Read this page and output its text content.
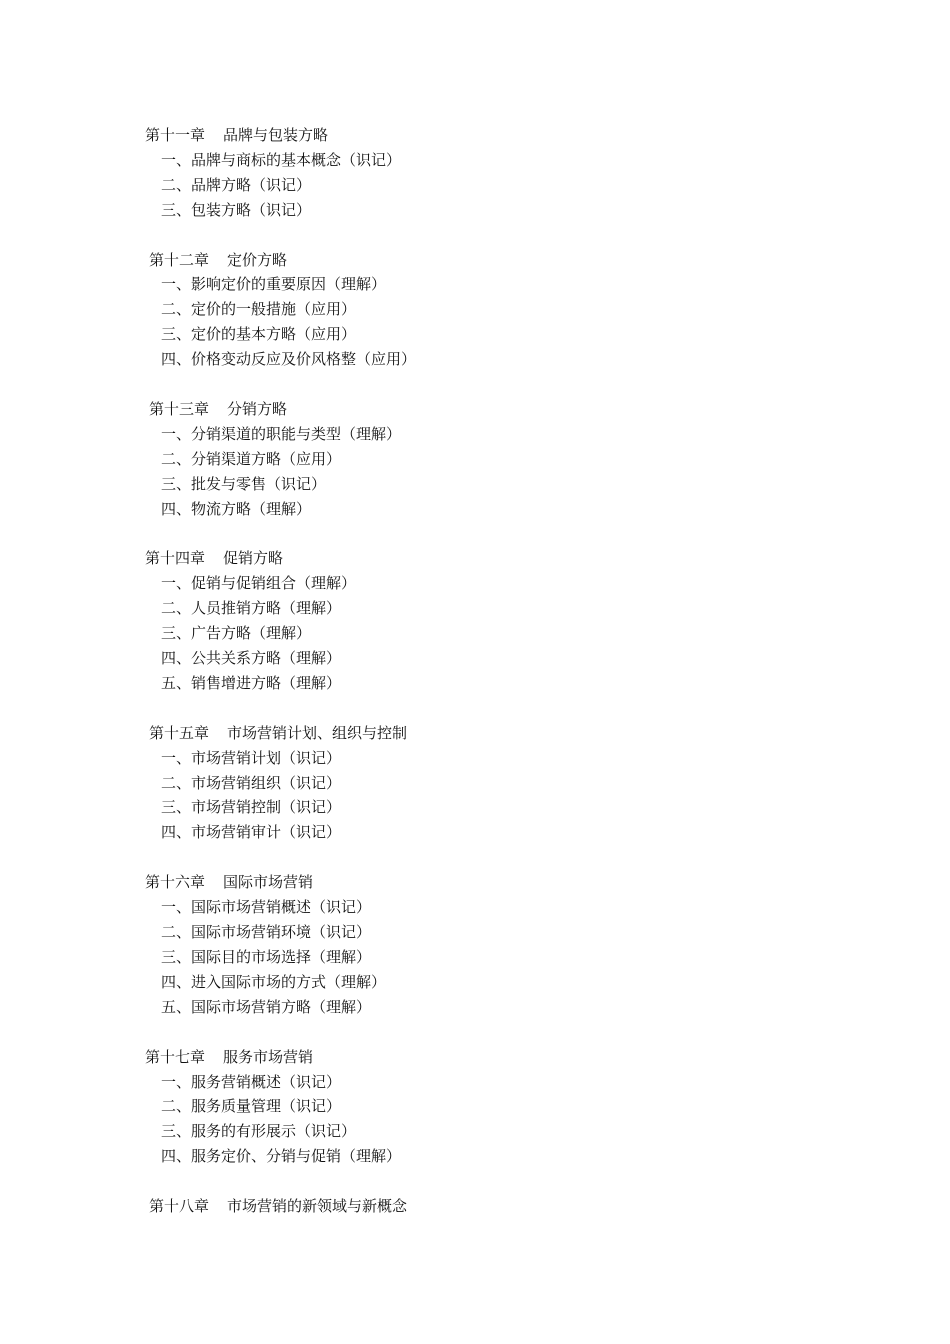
第十一章 品牌与包装方略
一、品牌与商标的基本概念（识记）
二、品牌方略（识记）
三、包装方略（识记）
第十二章 定价方略
一、影响定价的重要原因（理解）
二、定价的一般措施（应用）
三、定价的基本方略（应用）
四、价格变动反应及价风格整（应用）
第十三章 分销方略
一、分销渠道的职能与类型（理解）
二、分销渠道方略（应用）
三、批发与零售（识记）
四、物流方略（理解）
第十四章 促销方略
一、促销与促销组合（理解）
二、人员推销方略（理解）
三、广告方略（理解）
四、公共关系方略（理解）
五、销售增进方略（理解）
第十五章 市场营销计划、组织与控制
一、市场营销计划（识记）
二、市场营销组织（识记）
三、市场营销控制（识记）
四、市场营销审计（识记）
第十六章 国际市场营销
一、国际市场营销概述（识记）
二、国际市场营销环境（识记）
三、国际目的市场选择（理解）
四、进入国际市场的方式（理解）
五、国际市场营销方略（理解）
第十七章 服务市场营销
一、服务营销概述（识记）
二、服务质量管理（识记）
三、服务的有形展示（识记）
四、服务定价、分销与促销（理解）
第十八章 市场营销的新领域与新概念
